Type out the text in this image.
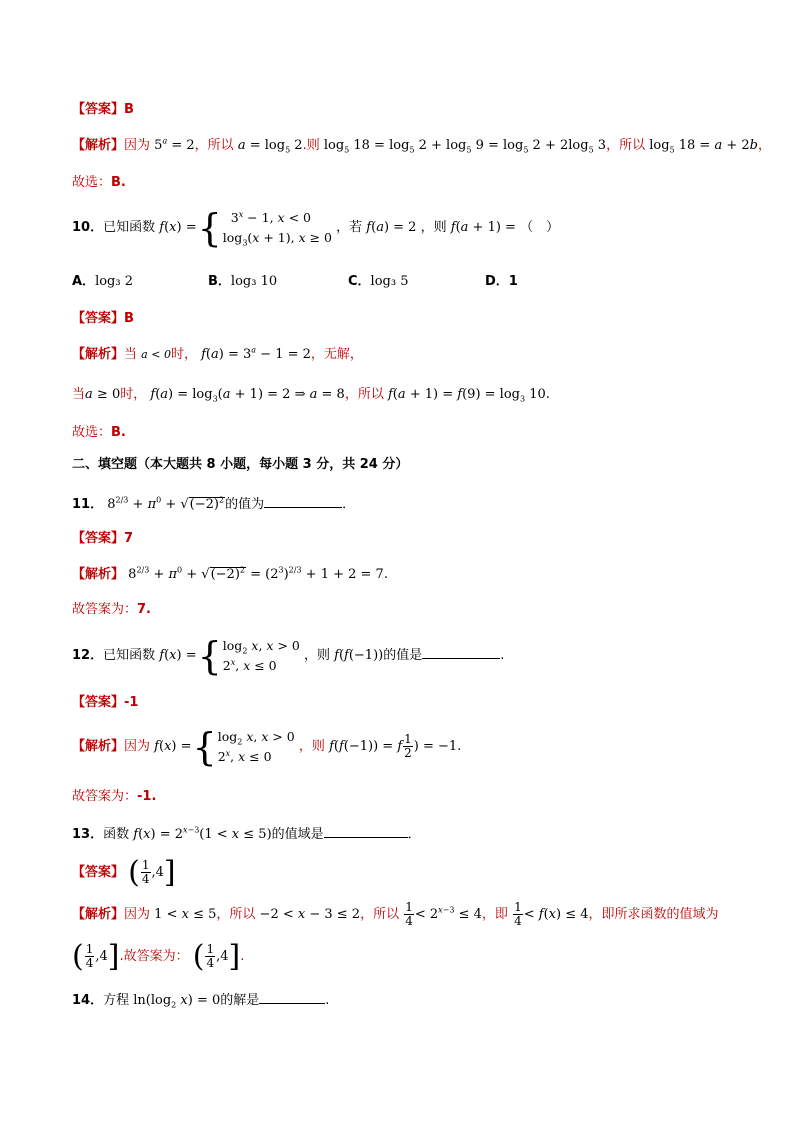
【答案】B
【解析】因为 $5^a = 2$，所以 $a = \log_5 2$.则 $\log_5 18 = \log_5 2 + \log_5 9 = \log_5 2 + 2\log_5$ 3，所以 $\log_5 18 = a + 2b$，
故选：B.
10．已知函数 f(x) ={ $3^x - 1$, x < 0
$\log_3(x + 1)$, x ≥ 0
，若 f(a) = 2 ，则 f(a + 1) = （　）
A．log₃ 2	B．log₃ 10	C．log₃ 5	D．1
【答案】B
【解析】当 a < 0时， $f(a) = 3^a - 1 = 2$，无解，
当a ≥ 0时， $f(a) = \log_3(a + 1) = 2$ ⇒ a = 8，所以 $f(a + 1) = f(9) = \log_3 10$.
故选：B.
二、填空题（本大题共 8 小题，每小题 3 分，共 24 分）
11． $8^{2/3} + \pi^0 + √(-2)^2$的值为	．
【答案】7
【解析】 $8^{2/3} + \pi^0 + √(-2)^2 = (2^3)^{2/3} + 1 + 2 = 7$.
故答案为：7.
12．已知函数 f(x) ={ $\log_2 x$, x > 0
2$^x$, x ≤ 0
，则 f(f(−1))的值是	.
【答案】-1
【解析】因为 f(x) ={ $\log_2 x$, x > 0
2$^x$, x ≤ 0
，则 f(f(−1)) = f $\frac{1}{2}$ ) = −1.
故答案为：-1.
13．函数 $f(x) = 2^{x-3}(1 < x \le 5)$的值域是	．
【答案】 ( $\frac{1}{4} ,4$]
【解析】因为 1 < x ≤ 5，所以 −2 < x − 3 ≤ 2，所以 $\frac{1}{4} < 2^{x-3} \le 4$，即 $\frac{1}{4} < f(x) \le 4$，即所求函数的值域为
( $\frac{1}{4} ,4$].故答案为： ( $\frac{1}{4} ,4$].
14．方程 $\ln(\log_2$ x) = 0的解是	.
